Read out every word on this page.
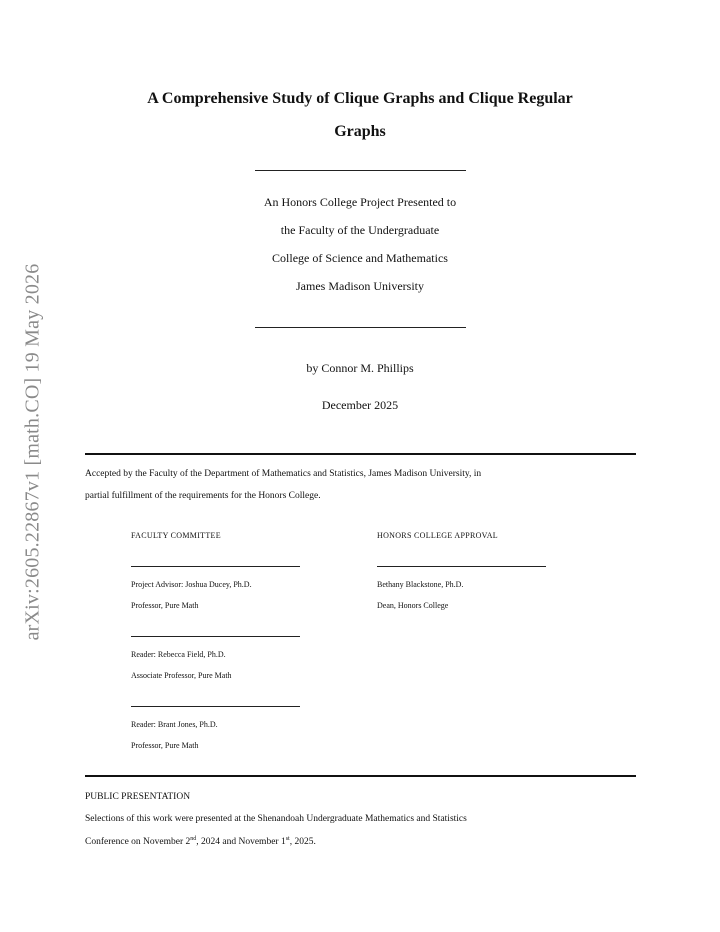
arXiv:2605.22867v1 [math.CO] 19 May 2026
A Comprehensive Study of Clique Graphs and Clique Regular
Graphs
An Honors College Project Presented to
the Faculty of the Undergraduate
College of Science and Mathematics
James Madison University
by Connor M. Phillips
December 2025
Accepted by the Faculty of the Department of Mathematics and Statistics, James Madison University, in
partial fulfillment of the requirements for the Honors College.
FACULTY COMMITTEE	HONORS COLLEGE APPROVAL
Project Advisor: Joshua Ducey, Ph.D.
Professor, Pure Math
Bethany Blackstone, Ph.D.
Dean, Honors College
Reader: Rebecca Field, Ph.D.
Associate Professor, Pure Math
Reader: Brant Jones, Ph.D.
Professor, Pure Math
PUBLIC PRESENTATION
Selections of this work were presented at the Shenandoah Undergraduate Mathematics and Statistics
Conference on November 2nd, 2024 and November 1st, 2025.
